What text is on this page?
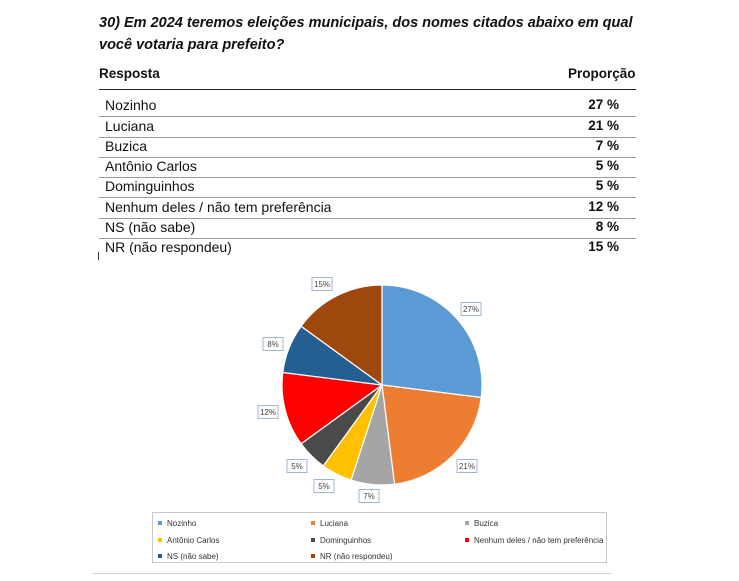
30) Em 2024 teremos eleições municipais, dos nomes citados abaixo em qual você votaria para prefeito?
Resposta	Proporção
Nozinho	27 %
Luciana	21 %
Buzica	7 %
Antônio Carlos	5 %
Dominguinhos	5 %
Nenhum deles / não tem preferência	12 %
NS (não sabe)	8 %
NR (não respondeu)	15 %
27%
21%
7%
5%
5%
12%
8%
15%
Nozinho	Luciana	Buzica
Antônio Carlos	Dominguinhos	Nenhum deles / não tem preferência
NS (não sabe)	NR (não respondeu)
